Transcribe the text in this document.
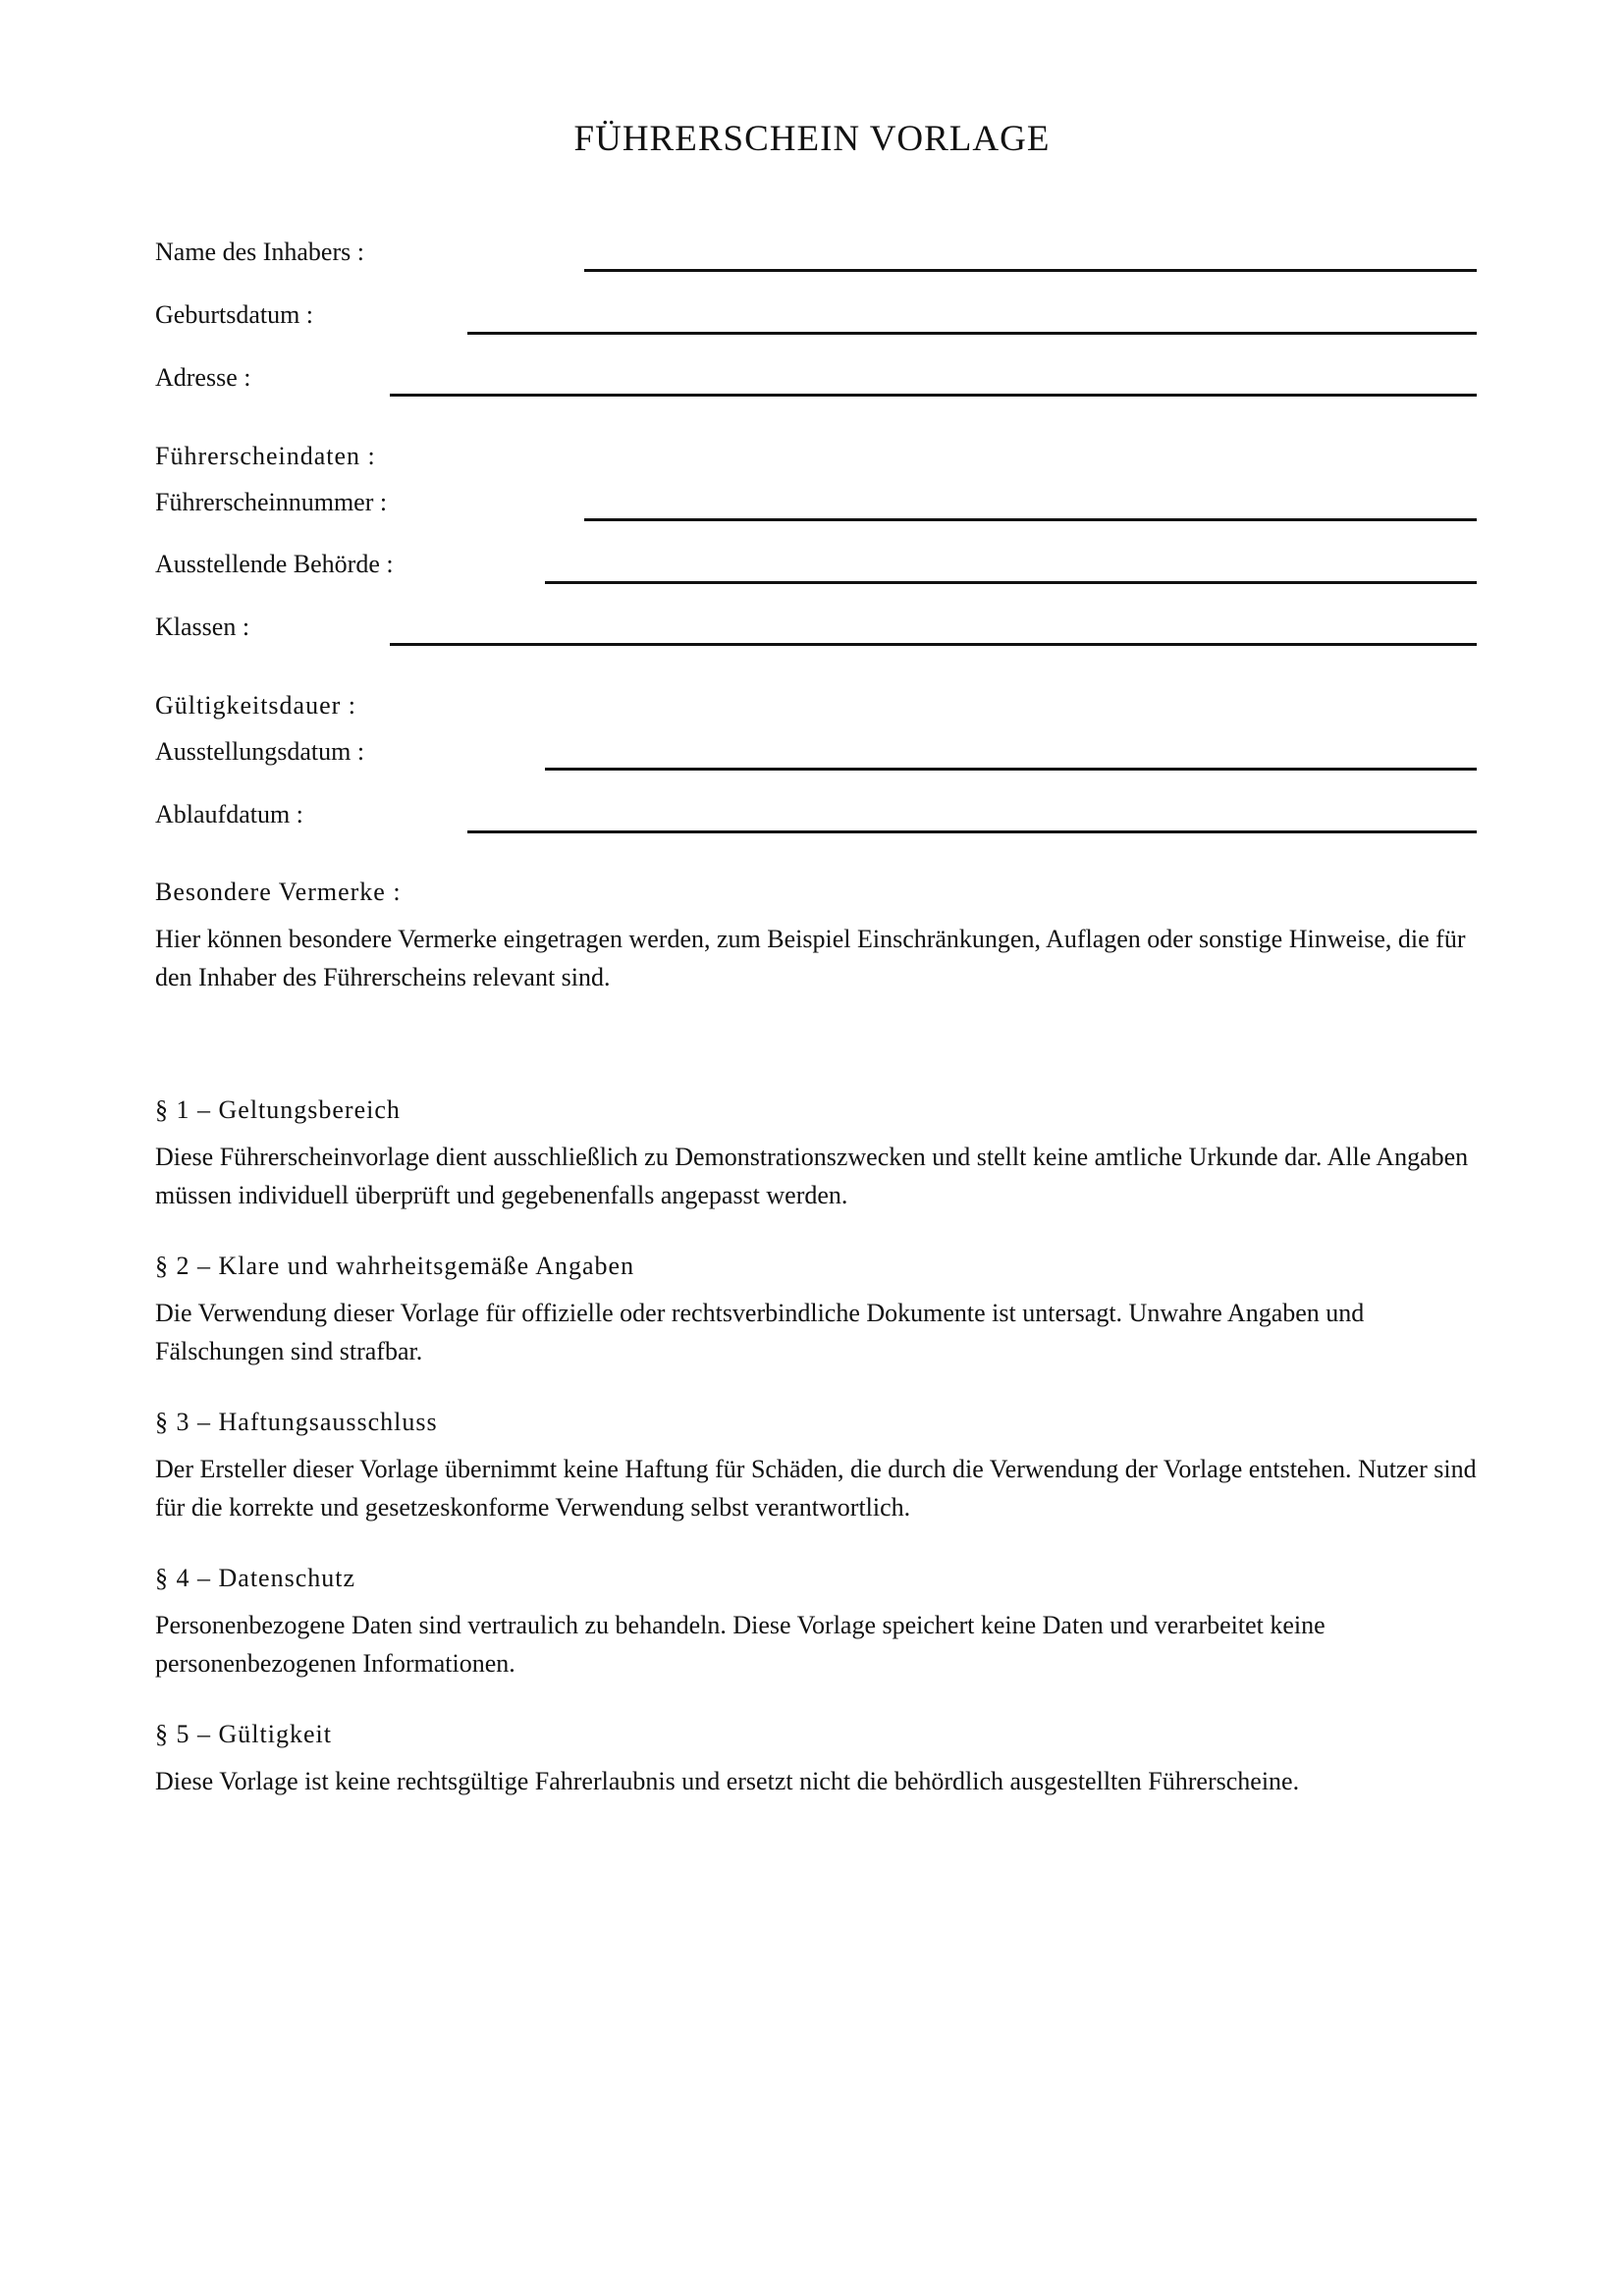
FÜHRERSCHEIN VORLAGE
Name des Inhabers :
Geburtsdatum :
Adresse :
Führerscheindaten :
Führerscheinnummer :
Ausstellende Behörde :
Klassen :
Gültigkeitsdauer :
Ausstellungsdatum :
Ablaufdatum :
Besondere Vermerke :
Hier können besondere Vermerke eingetragen werden, zum Beispiel Einschränkungen, Auflagen oder sonstige Hinweise, die für den Inhaber des Führerscheins relevant sind.
§ 1 – Geltungsbereich
Diese Führerscheinvorlage dient ausschließlich zu Demonstrationszwecken und stellt keine amtliche Urkunde dar. Alle Angaben müssen individuell überprüft und gegebenenfalls angepasst werden.
§ 2 – Klare und wahrheitsgemäße Angaben
Die Verwendung dieser Vorlage für offizielle oder rechtsverbindliche Dokumente ist untersagt. Unwahre Angaben und Fälschungen sind strafbar.
§ 3 – Haftungsausschluss
Der Ersteller dieser Vorlage übernimmt keine Haftung für Schäden, die durch die Verwendung der Vorlage entstehen. Nutzer sind für die korrekte und gesetzeskonforme Verwendung selbst verantwortlich.
§ 4 – Datenschutz
Personenbezogene Daten sind vertraulich zu behandeln. Diese Vorlage speichert keine Daten und verarbeitet keine personenbezogenen Informationen.
§ 5 – Gültigkeit
Diese Vorlage ist keine rechtsgültige Fahrerlaubnis und ersetzt nicht die behördlich ausgestellten Führerscheine.
